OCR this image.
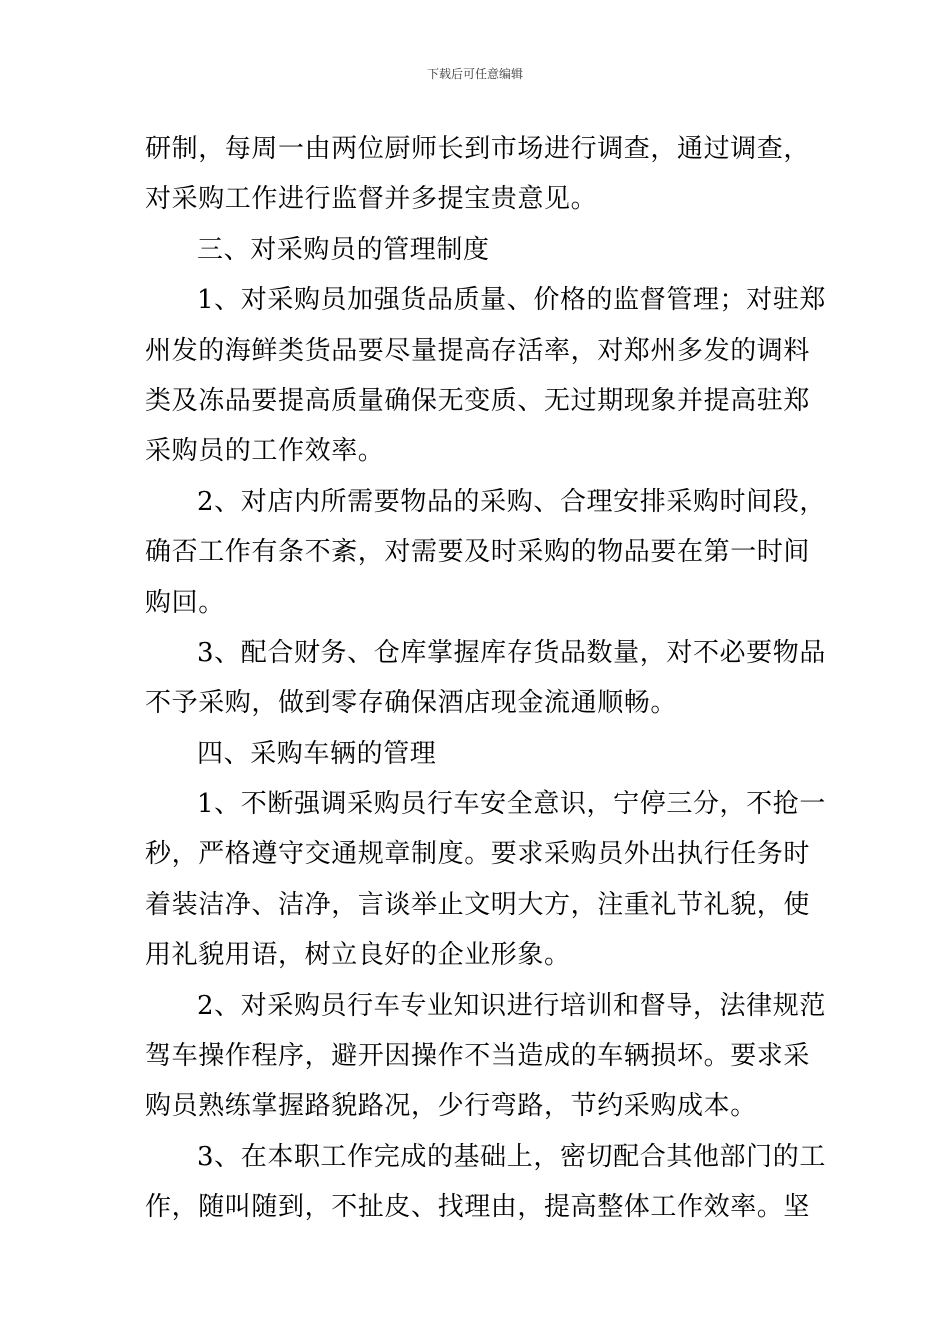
下载后可任意编辑
研制，每周一由两位厨师长到市场进行调查，通过调查，
对采购工作进行监督并多提宝贵意见。
三、对采购员的管理制度
1、对采购员加强货品质量、价格的监督管理；对驻郑
州发的海鲜类货品要尽量提高存活率，对郑州多发的调料
类及冻品要提高质量确保无变质、无过期现象并提高驻郑
采购员的工作效率。
2、对店内所需要物品的采购、合理安排采购时间段，
确否工作有条不紊，对需要及时采购的物品要在第一时间
购回。
3、配合财务、仓库掌握库存货品数量，对不必要物品
不予采购，做到零存确保酒店现金流通顺畅。
四、采购车辆的管理
1、不断强调采购员行车安全意识，宁停三分，不抢一
秒，严格遵守交通规章制度。要求采购员外出执行任务时
着装洁净、洁净，言谈举止文明大方，注重礼节礼貌，使
用礼貌用语，树立良好的企业形象。
2、对采购员行车专业知识进行培训和督导，法律规范
驾车操作程序，避开因操作不当造成的车辆损坏。要求采
购员熟练掌握路貌路况，少行弯路，节约采购成本。
3、在本职工作完成的基础上，密切配合其他部门的工
作，随叫随到，不扯皮、找理由，提高整体工作效率。坚
